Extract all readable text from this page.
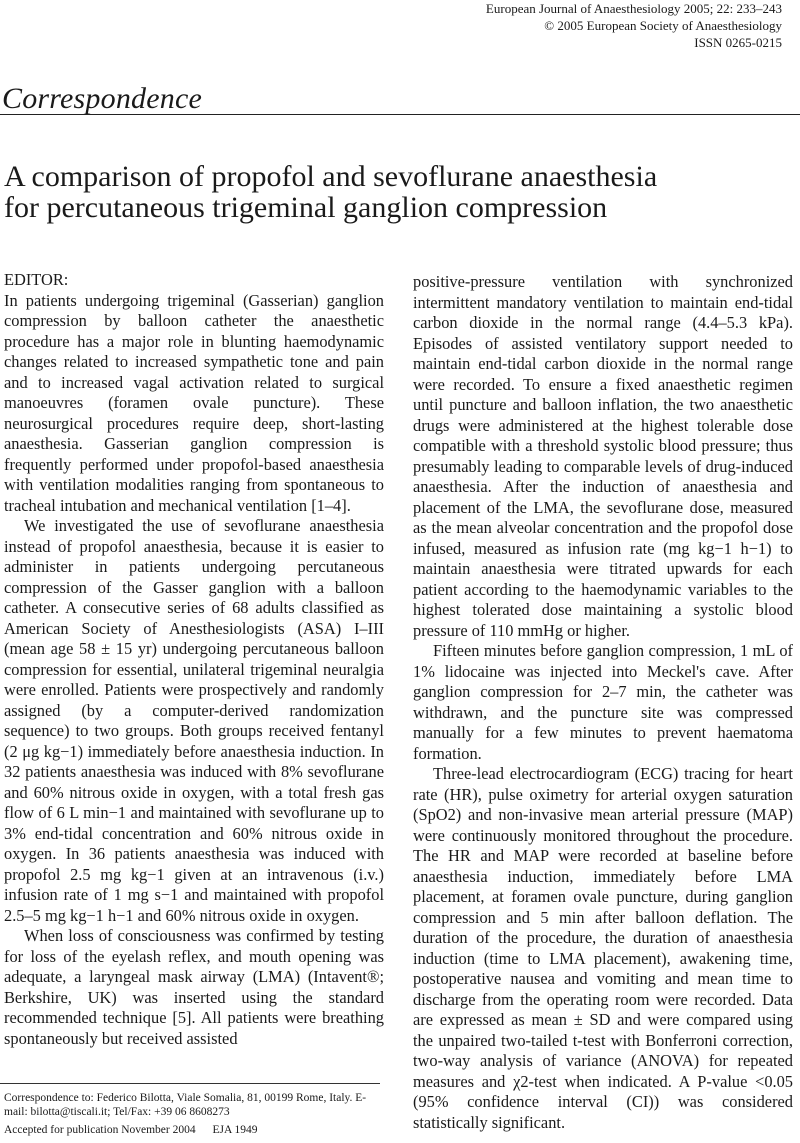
European Journal of Anaesthesiology 2005; 22: 233–243
© 2005 European Society of Anaesthesiology
ISSN 0265-0215
Correspondence
A comparison of propofol and sevoflurane anaesthesia
for percutaneous trigeminal ganglion compression

EDITOR:

In patients undergoing trigeminal (Gasserian) ganglion compression by balloon catheter the anaesthetic procedure has a major role in blunting haemodynamic changes related to increased sympathetic tone and pain and to increased vagal activation related to surgical manoeuvres (foramen ovale puncture). These neurosurgical procedures require deep, short-lasting anaesthesia. Gasserian ganglion compression is frequently performed under propofol-based anaesthesia with ventilation modalities ranging from spontaneous to tracheal intubation and mechanical ventilation [1–4].

We investigated the use of sevoflurane anaesthesia instead of propofol anaesthesia, because it is easier to administer in patients undergoing percutaneous compression of the Gasser ganglion with a balloon catheter. A consecutive series of 68 adults classified as American Society of Anesthesiologists (ASA) I–III (mean age 58 ± 15 yr) undergoing percutaneous balloon compression for essential, unilateral trigeminal neuralgia were enrolled. Patients were prospectively and randomly assigned (by a computer-derived randomization sequence) to two groups. Both groups received fentanyl (2 μg kg−1) immediately before anaesthesia induction. In 32 patients anaesthesia was induced with 8% sevoflurane and 60% nitrous oxide in oxygen, with a total fresh gas flow of 6 L min−1 and maintained with sevoflurane up to 3% end-tidal concentration and 60% nitrous oxide in oxygen. In 36 patients anaesthesia was induced with propofol 2.5 mg kg−1 given at an intravenous (i.v.) infusion rate of 1 mg s−1 and maintained with propofol 2.5–5 mg kg−1 h−1 and 60% nitrous oxide in oxygen.

When loss of consciousness was confirmed by testing for loss of the eyelash reflex, and mouth opening was adequate, a laryngeal mask airway (LMA) (Intavent®; Berkshire, UK) was inserted using the standard recommended technique [5]. All patients were breathing spontaneously but received assisted

positive-pressure ventilation with synchronized intermittent mandatory ventilation to maintain end-tidal carbon dioxide in the normal range (4.4–5.3 kPa). Episodes of assisted ventilatory support needed to maintain end-tidal carbon dioxide in the normal range were recorded. To ensure a fixed anaesthetic regimen until puncture and balloon inflation, the two anaesthetic drugs were administered at the highest tolerable dose compatible with a threshold systolic blood pressure; thus presumably leading to comparable levels of drug-induced anaesthesia. After the induction of anaesthesia and placement of the LMA, the sevoflurane dose, measured as the mean alveolar concentration and the propofol dose infused, measured as infusion rate (mg kg−1 h−1) to maintain anaesthesia were titrated upwards for each patient according to the haemodynamic variables to the highest tolerated dose maintaining a systolic blood pressure of 110 mmHg or higher.

Fifteen minutes before ganglion compression, 1 mL of 1% lidocaine was injected into Meckel's cave. After ganglion compression for 2–7 min, the catheter was withdrawn, and the puncture site was compressed manually for a few minutes to prevent haematoma formation.

Three-lead electrocardiogram (ECG) tracing for heart rate (HR), pulse oximetry for arterial oxygen saturation (SpO2) and non-invasive mean arterial pressure (MAP) were continuously monitored throughout the procedure. The HR and MAP were recorded at baseline before anaesthesia induction, immediately before LMA placement, at foramen ovale puncture, during ganglion compression and 5 min after balloon deflation. The duration of the procedure, the duration of anaesthesia induction (time to LMA placement), awakening time, postoperative nausea and vomiting and mean time to discharge from the operating room were recorded. Data are expressed as mean ± SD and were compared using the unpaired two-tailed t-test with Bonferroni correction, two-way analysis of variance (ANOVA) for repeated measures and χ2-test when indicated. A P-value <0.05 (95% confidence interval (CI)) was considered statistically significant.

Correspondence to: Federico Bilotta, Viale Somalia, 81, 00199 Rome, Italy. E-mail: bilotta@tiscali.it; Tel/Fax: +39 06 8608273
Accepted for publication November 2004 EJA 1949
